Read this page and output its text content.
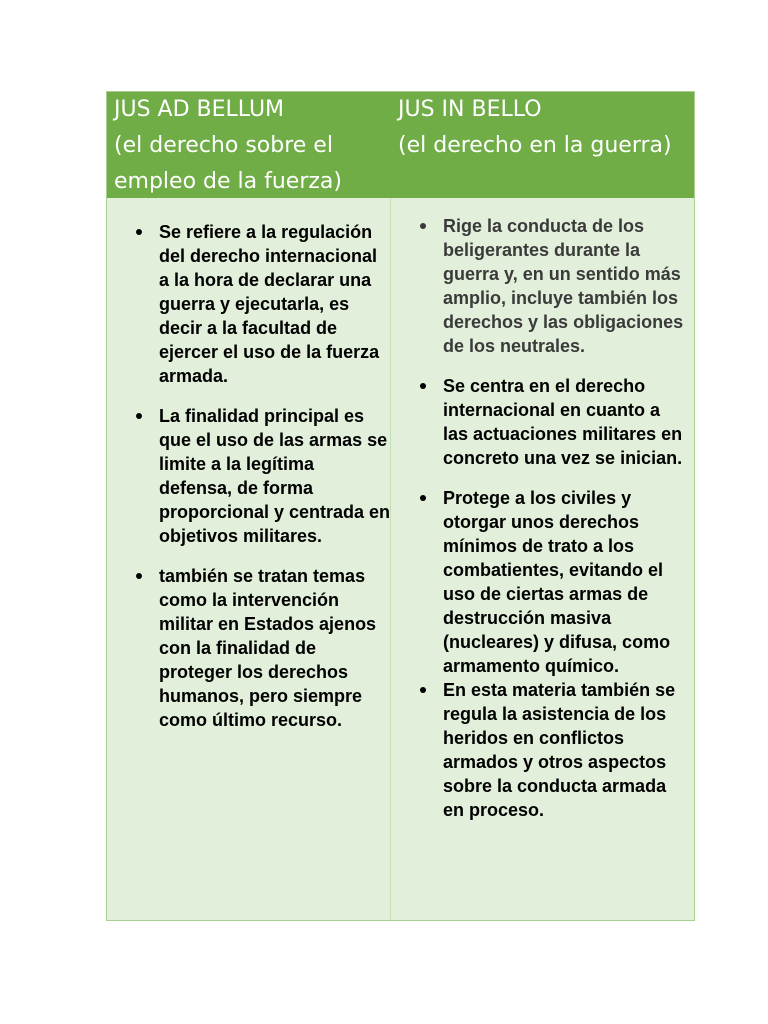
JUS AD BELLUM
(el derecho sobre el
empleo de la fuerza)
JUS IN BELLO
(el derecho en la guerra)
Se refiere a la regulación del derecho internacional a la hora de declarar una guerra y ejecutarla, es decir a la facultad de ejercer el uso de la fuerza armada.
La finalidad principal es que el uso de las armas se limite a la legítima defensa, de forma proporcional y centrada en objetivos militares.
también se tratan temas como la intervención militar en Estados ajenos con la finalidad de proteger los derechos humanos, pero siempre como último recurso.
Rige la conducta de los beligerantes durante la guerra y, en un sentido más amplio, incluye también los derechos y las obligaciones de los neutrales.
Se centra en el derecho internacional en cuanto a las actuaciones militares en concreto una vez se inician.
Protege a los civiles y otorgar unos derechos mínimos de trato a los combatientes, evitando el uso de ciertas armas de destrucción masiva (nucleares) y difusa, como armamento químico.
En esta materia también se regula la asistencia de los heridos en conflictos armados y otros aspectos sobre la conducta armada en proceso.
